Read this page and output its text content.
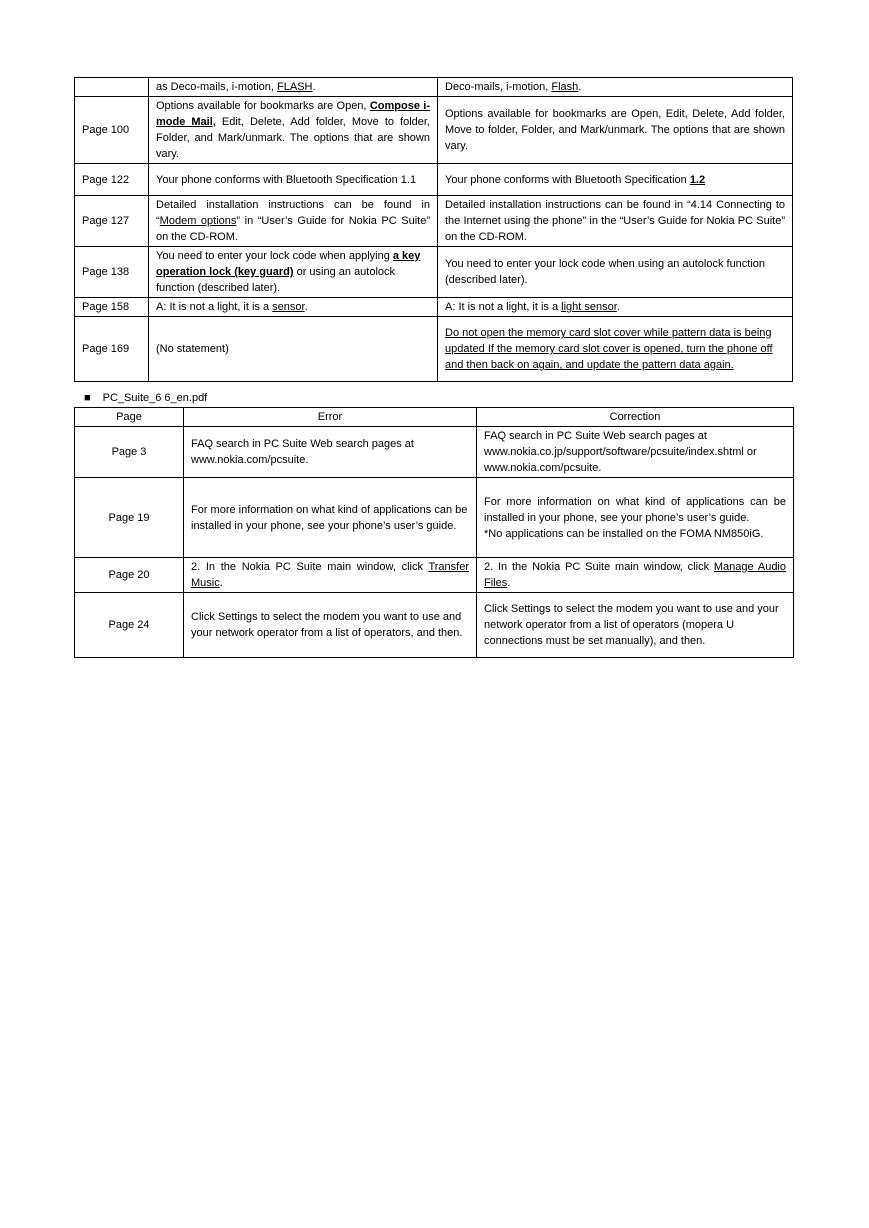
	as Deco-mails, i-motion, FLASH.	Deco-mails, i-motion, Flash.
Page 100	Options available for bookmarks are Open, Compose i-mode Mail, Edit, Delete, Add folder, Move to folder, Folder, and Mark/unmark. The options that are shown vary.	Options available for bookmarks are Open, Edit, Delete, Add folder, Move to folder, Folder, and Mark/unmark. The options that are shown vary.
Page 122	Your phone conforms with Bluetooth Specification 1.1	Your phone conforms with Bluetooth Specification 1.2
Page 127	Detailed installation instructions can be found in “Modem options” in “User’s Guide for Nokia PC Suite” on the CD-ROM.	Detailed installation instructions can be found in “4.14 Connecting to the Internet using the phone” in the “User’s Guide for Nokia PC Suite” on the CD-ROM.
Page 138	You need to enter your lock code when applying a key operation lock (key guard) or using an autolock function (described later).	You need to enter your lock code when using an autolock function (described later).
Page 158	A: It is not a light, it is a sensor.	A: It is not a light, it is a light sensor.
Page 169	(No statement)	Do not open the memory card slot cover while pattern data is being updated If the memory card slot cover is opened, turn the phone off and then back on again, and update the pattern data again.
■ PC_Suite_6 6_en.pdf
Page	Error	Correction
Page 3	FAQ search in PC Suite Web search pages at www.nokia.com/pcsuite.	FAQ search in PC Suite Web search pages at www.nokia.co.jp/support/software/pcsuite/index.shtml or www.nokia.com/pcsuite.
Page 19	For more information on what kind of applications can be installed in your phone, see your phone’s user’s guide.	For more information on what kind of applications can be installed in your phone, see your phone’s user’s guide.
*No applications can be installed on the FOMA NM850iG.

Page 20	2. In the Nokia PC Suite main window, click Transfer Music.	2. In the Nokia PC Suite main window, click Manage Audio Files.
Page 24	Click Settings to select the modem you want to use and your network operator from a list of operators, and then.	Click Settings to select the modem you want to use and your network operator from a list of operators (mopera U connections must be set manually), and then.
